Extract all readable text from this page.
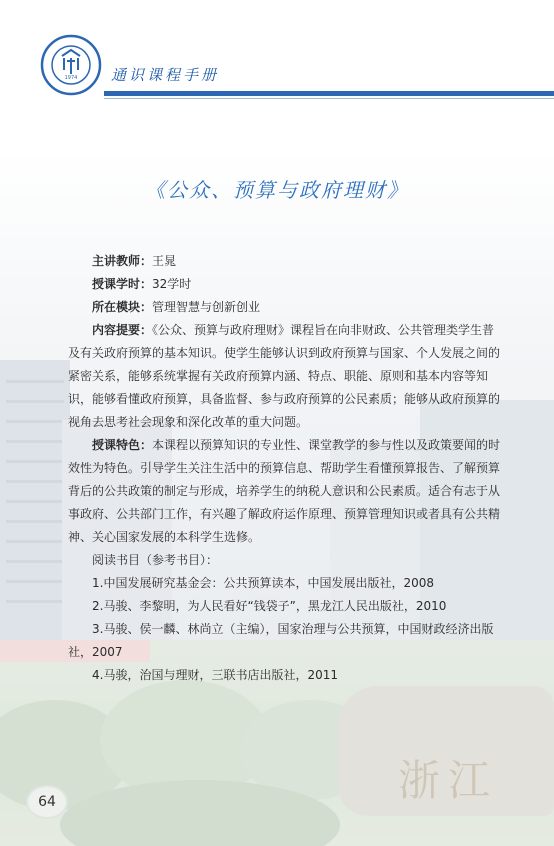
浙江
1974 通识课程手册
《公众、预算与政府理财》

主讲教师：王晁

授课学时：32学时

所在模块：管理智慧与创新创业

内容提要：《公众、预算与政府理财》课程旨在向非财政、公共管理类学生普及有关政府预算的基本知识。使学生能够认识到政府预算与国家、个人发展之间的紧密关系，能够系统掌握有关政府预算内涵、特点、职能、原则和基本内容等知识，能够看懂政府预算，具备监督、参与政府预算的公民素质；能够从政府预算的视角去思考社会现象和深化改革的重大问题。

授课特色：本课程以预算知识的专业性、课堂教学的参与性以及政策要闻的时效性为特色。引导学生关注生活中的预算信息、帮助学生看懂预算报告、了解预算背后的公共政策的制定与形成，培养学生的纳税人意识和公民素质。适合有志于从事政府、公共部门工作，有兴趣了解政府运作原理、预算管理知识或者具有公共精神、关心国家发展的本科学生选修。

阅读书目（参考书目）：

1.中国发展研究基金会：公共预算读本，中国发展出版社，2008

2.马骏、李黎明，为人民看好“钱袋子”，黑龙江人民出版社，2010

3.马骏、侯一麟、林尚立（主编），国家治理与公共预算，中国财政经济出版社，2007

4.马骏，治国与理财，三联书店出版社，2011

64
